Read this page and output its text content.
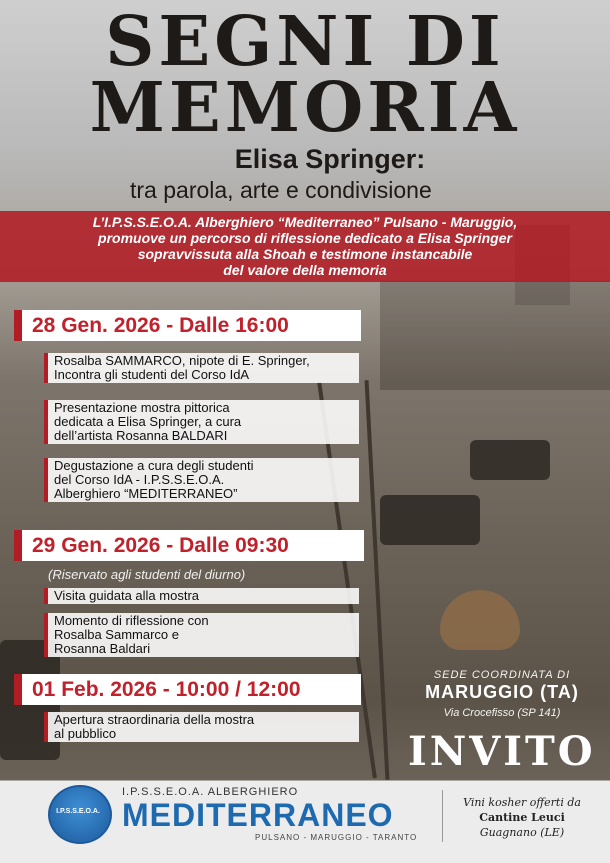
SEGNI DI
MEMORIA
Elisa Springer:
tra parola, arte e condivisione
L’I.P.S.S.E.O.A. Alberghiero “Mediterraneo” Pulsano - Maruggio,
promuove un percorso di riflessione dedicato a Elisa Springer
sopravvissuta alla Shoah e testimone instancabile
del valore della memoria
28 Gen. 2026 - Dalle 16:00
Rosalba SAMMARCO, nipote di E. Springer,
Incontra gli studenti del Corso IdA
Presentazione mostra pittorica
dedicata a Elisa Springer, a cura
dell’artista Rosanna BALDARI
Degustazione a cura degli studenti
del Corso IdA - I.P.S.S.E.O.A.
Alberghiero “MEDITERRANEO”
29 Gen. 2026 - Dalle 09:30
(Riservato agli studenti del diurno)
Visita guidata alla mostra
Momento di riflessione con
Rosalba Sammarco e
Rosanna Baldari
01 Feb. 2026 - 10:00 / 12:00
Apertura straordinaria della mostra
al pubblico
SEDE COORDINATA DI
MARUGGIO (TA)
Via Crocefisso (SP 141)
INVITO
I.P.S.S.E.O.A.
I.P.S.S.E.O.A. ALBERGHIERO
MEDITERRANEO
PULSANO - MARUGGIO - TARANTO
Vini kosher offerti da
Cantine Leuci
Guagnano (LE)
